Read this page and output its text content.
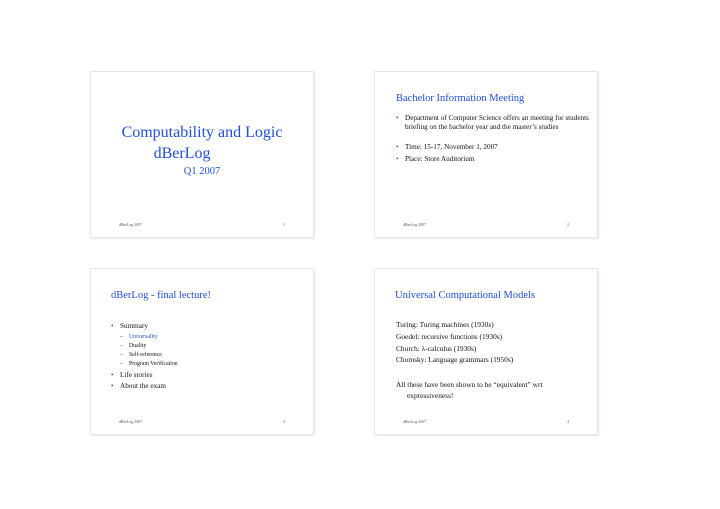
Computability and Logic
dBerLog
Q1 2007
dBerLog 2007	1
Bachelor Information Meeting
• Department of Computer Science offers an meeting for students briefing on the bachelor year and the master’s studies
• Time: 15-17, November 1, 2007
• Place: Store Auditorium
dBerLog 2007	2
dBerLog - final lecture!
• Summary
– Universality
– Duality
– Self-reference
– Program Verification
• Life stories
• About the exam
dBerLog 2007	3
Universal Computational Models
Turing: Turing machines (1930s)
Goedel: recursive functions (1930s)
Church: λ-calculus (1930s)
Chomsky: Language grammars (1950s)
All these have been shown to be “equivalent” wrt
expressiveness!
dBerLog 2007	4
